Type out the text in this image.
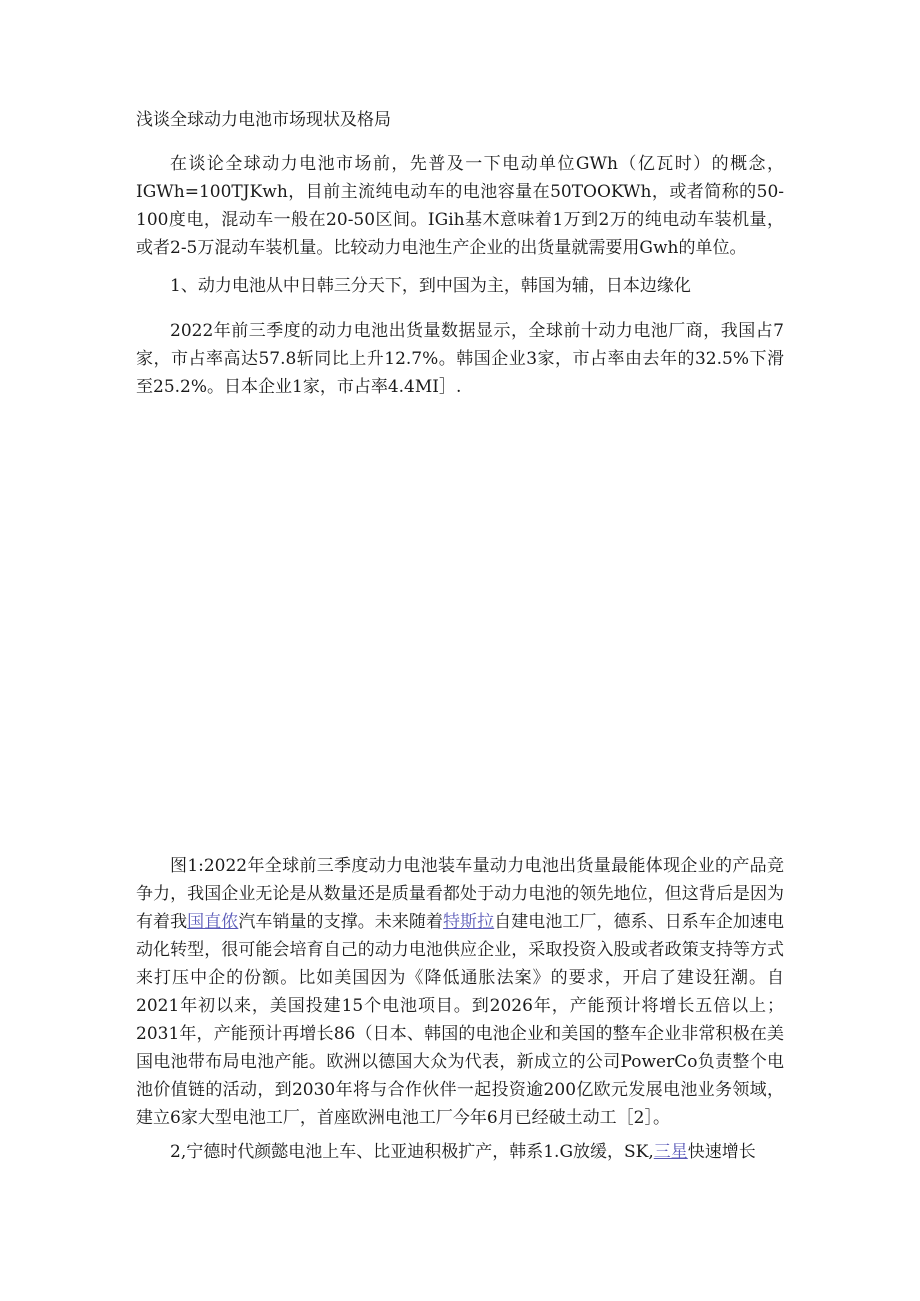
浅谈全球动力电池市场现状及格局

在谈论全球动力电池市场前，先普及一下电动单位GWh（亿瓦时）的概念，IGWh=100TJKwh，目前主流纯电动车的电池容量在50TOOKWh，或者简称的50-100度电，混动车一般在20-50区间。IGih基木意味着1万到2万的纯电动车装机量，或者2-5万混动车装机量。比较动力电池生产企业的出货量就需要用Gwh的单位。

1、动力电池从中日韩三分天下，到中国为主，韩国为辅，日本边缘化

2022年前三季度的动力电池出货量数据显示，全球前十动力电池厂商，我国占7家，市占率高达57.8斩同比上升12.7%。韩国企业3家，市占率由去年的32.5%下滑至25.2%。日本企业1家，市占率4.4MI］.

图1:2022年全球前三季度动力电池装车量动力电池出货量最能体现企业的产品竞争力，我国企业无论是从数量还是质量看都处于动力电池的领先地位，但这背后是因为有着我国直侬汽车销量的支撑。未来随着特斯拉自建电池工厂，德系、日系车企加速电动化转型，很可能会培育自己的动力电池供应企业，采取投资入股或者政策支持等方式来打压中企的份额。比如美国因为《降低通胀法案》的要求，开启了建设狂潮。自2021年初以来，美国投建15个电池项目。到2026年，产能预计将增长五倍以上；2031年，产能预计再增长86（日本、韩国的电池企业和美国的整车企业非常积极在美国电池带布局电池产能。欧洲以德国大众为代表，新成立的公司PowerCo负责整个电池价值链的活动，到2030年将与合作伙伴一起投资逾200亿欧元发展电池业务领域，建立6家大型电池工厂，首座欧洲电池工厂今年6月已经破土动工［2］。

2,宁德时代颜懿电池上车、比亚迪积极扩产，韩系1.G放缓，SK,三星快速增长
